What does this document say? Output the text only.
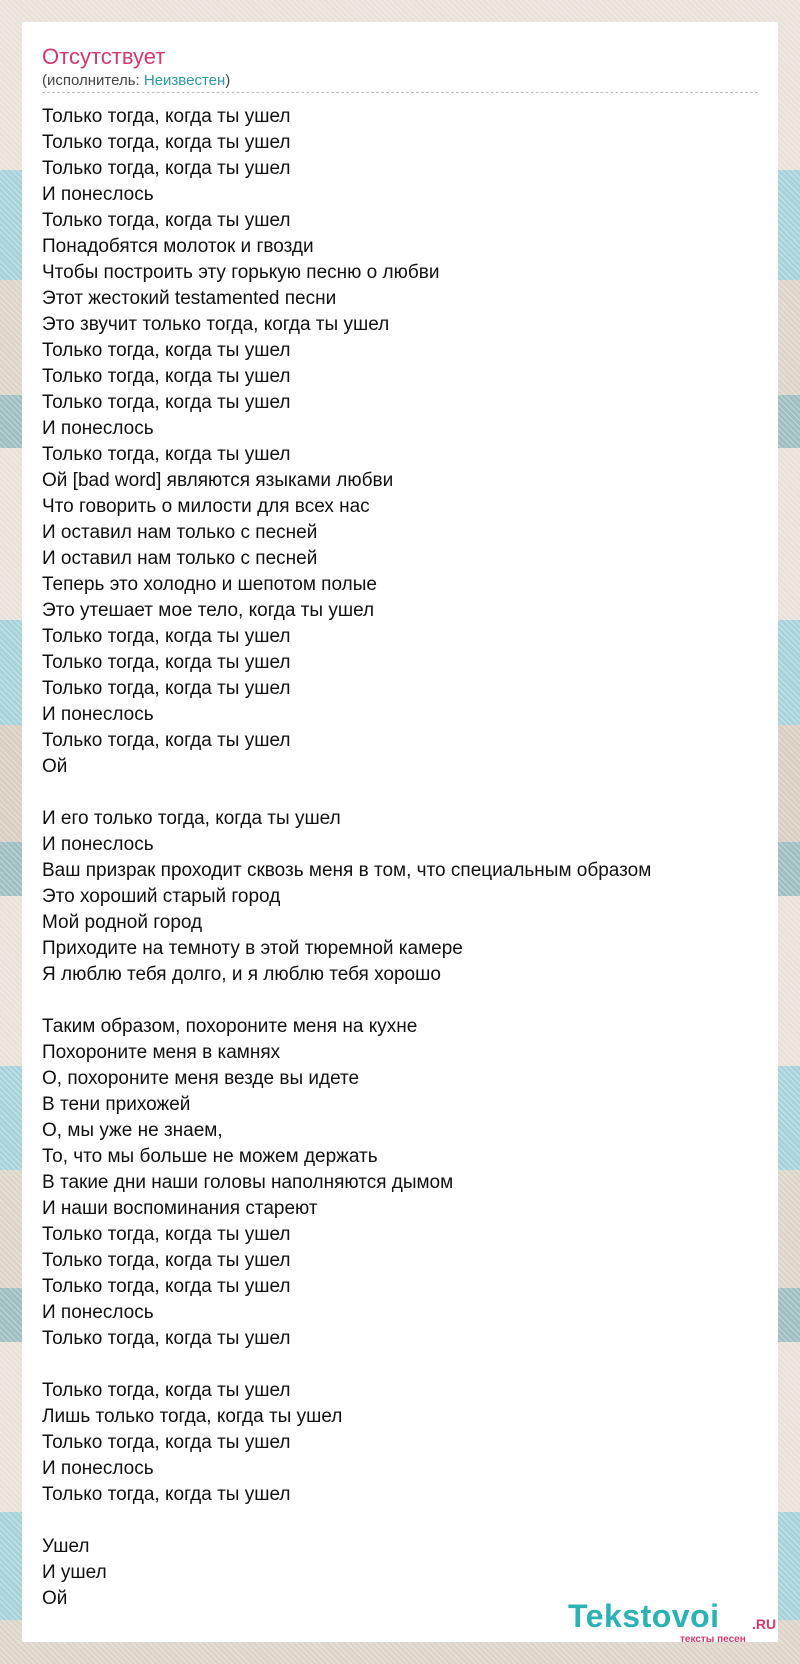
Отсутствует
(исполнитель: Неизвестен)
Только тогда, когда ты ушел
Только тогда, когда ты ушел
Только тогда, когда ты ушел
И понеслось
Только тогда, когда ты ушел
Понадобятся молоток и гвозди
Чтобы построить эту горькую песню о любви
Этот жестокий testamented песни
Это звучит только тогда, когда ты ушел
Только тогда, когда ты ушел
Только тогда, когда ты ушел
Только тогда, когда ты ушел
И понеслось
Только тогда, когда ты ушел
Ой [bad word] являются языками любви
Что говорить о милости для всех нас
И оставил нам только с песней
И оставил нам только с песней
Теперь это холодно и шепотом полые
Это утешает мое тело, когда ты ушел
Только тогда, когда ты ушел
Только тогда, когда ты ушел
Только тогда, когда ты ушел
И понеслось
Только тогда, когда ты ушел
Ой
И его только тогда, когда ты ушел
И понеслось
Ваш призрак проходит сквозь меня в том, что специальным образом
Это хороший старый город
Мой родной город
Приходите на темноту в этой тюремной камере
Я люблю тебя долго, и я люблю тебя хорошо
Таким образом, похороните меня на кухне
Похороните меня в камнях
О, похороните меня везде вы идете
В тени прихожей
О, мы уже не знаем,
То, что мы больше не можем держать
В такие дни наши головы наполняются дымом
И наши воспоминания стареют
Только тогда, когда ты ушел
Только тогда, когда ты ушел
Только тогда, когда ты ушел
И понеслось
Только тогда, когда ты ушел
Только тогда, когда ты ушел
Лишь только тогда, когда ты ушел
Только тогда, когда ты ушел
И понеслось
Только тогда, когда ты ушел
Ушел
И ушел
Ой	Tekstovoi .RU
тексты песен
